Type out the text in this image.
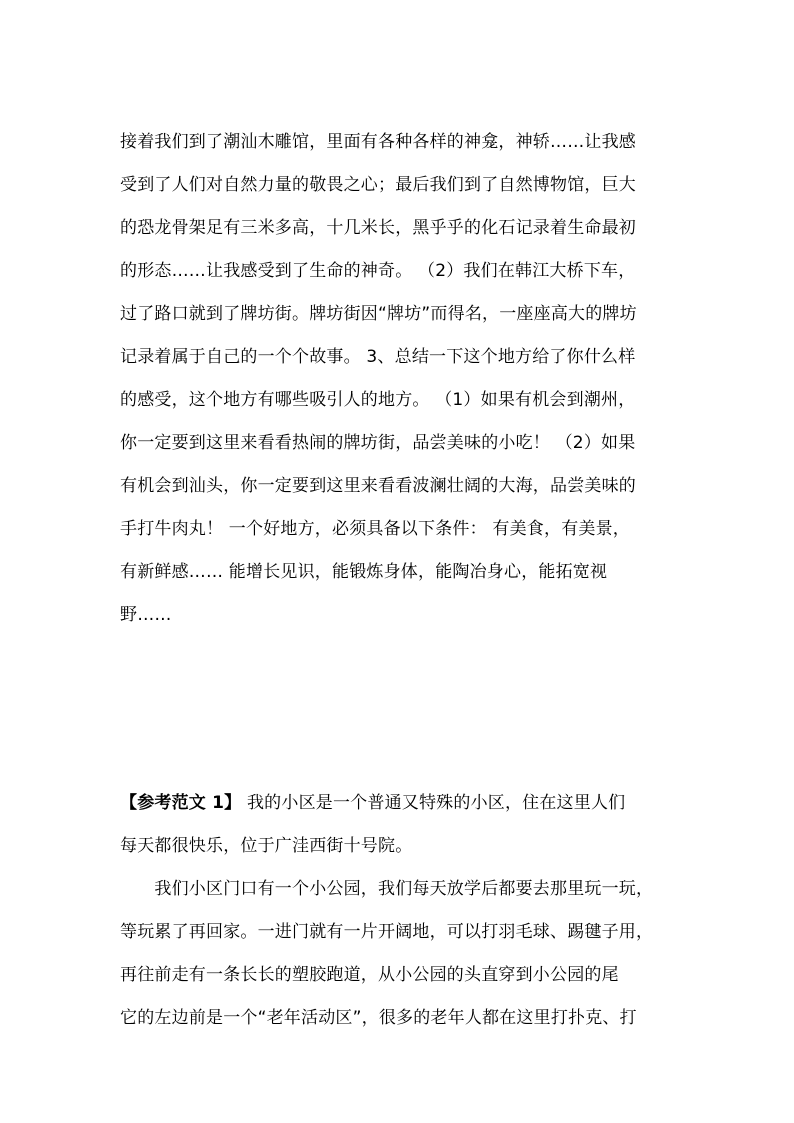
接着我们到了潮汕木雕馆，里面有各种各样的神龛，神轿……让我感
受到了人们对自然力量的敬畏之心；最后我们到了自然博物馆，巨大
的恐龙骨架足有三米多高，十几米长，黑乎乎的化石记录着生命最初
的形态……让我感受到了生命的神奇。 （2）我们在韩江大桥下车，
过了路口就到了牌坊街。牌坊街因“牌坊”而得名，一座座高大的牌坊
记录着属于自己的一个个故事。 3、总结一下这个地方给了你什么样
的感受，这个地方有哪些吸引人的地方。 （1）如果有机会到潮州，
你一定要到这里来看看热闹的牌坊街，品尝美味的小吃！ （2）如果
有机会到汕头，你一定要到这里来看看波澜壮阔的大海，品尝美味的
手打牛肉丸！ 一个好地方，必须具备以下条件： 有美食，有美景，
有新鲜感…… 能增长见识，能锻炼身体，能陶冶身心，能拓宽视
野……
【参考范文 1】 我的小区是一个普通又特殊的小区，住在这里人们
每天都很快乐，位于广洼西街十号院。
　　我们小区门口有一个小公园，我们每天放学后都要去那里玩一玩，
等玩累了再回家。一进门就有一片开阔地，可以打羽毛球、踢毽子用，
再往前走有一条长长的塑胶跑道，从小公园的头直穿到小公园的尾
它的左边前是一个“老年活动区”，很多的老年人都在这里打扑克、打
